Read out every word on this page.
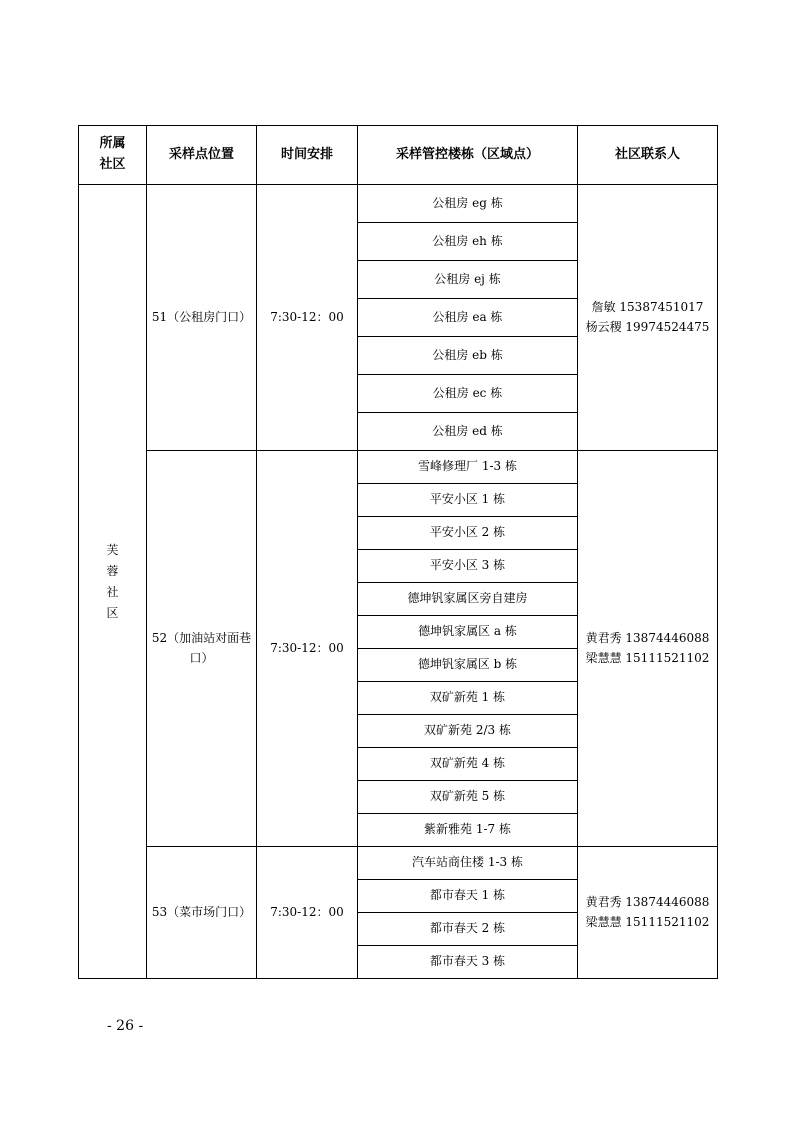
所属社区	采样点位置	时间安排	采样管控楼栋（区域点）	社区联系人
芙蓉社区	51（公租房门口）	7:30-12：00	公租房 eg 栋	詹敏 15387451017
杨云稷 19974524475

			公租房 eh 栋	
			公租房 ej 栋	
			公租房 ea 栋	
			公租房 eb 栋	
			公租房 ec 栋	
			公租房 ed 栋	
	52（加油站对面巷口）	7:30-12：00	雪峰修理厂 1-3 栋	黄君秀 13874446088
梁慧慧 15111521102

			平安小区 1 栋	
			平安小区 2 栋	
			平安小区 3 栋	
			德坤钒家属区旁自建房	
			德坤钒家属区 a 栋	
			德坤钒家属区 b 栋	
			双矿新苑 1 栋	
			双矿新苑 2/3 栋	
			双矿新苑 4 栋	
			双矿新苑 5 栋	
			紫新雅苑 1-7 栋	
	53（菜市场门口）	7:30-12：00	汽车站商住楼 1-3 栋	黄君秀 13874446088
梁慧慧 15111521102

			都市春天 1 栋	
			都市春天 2 栋	
			都市春天 3 栋	
- 26 -
